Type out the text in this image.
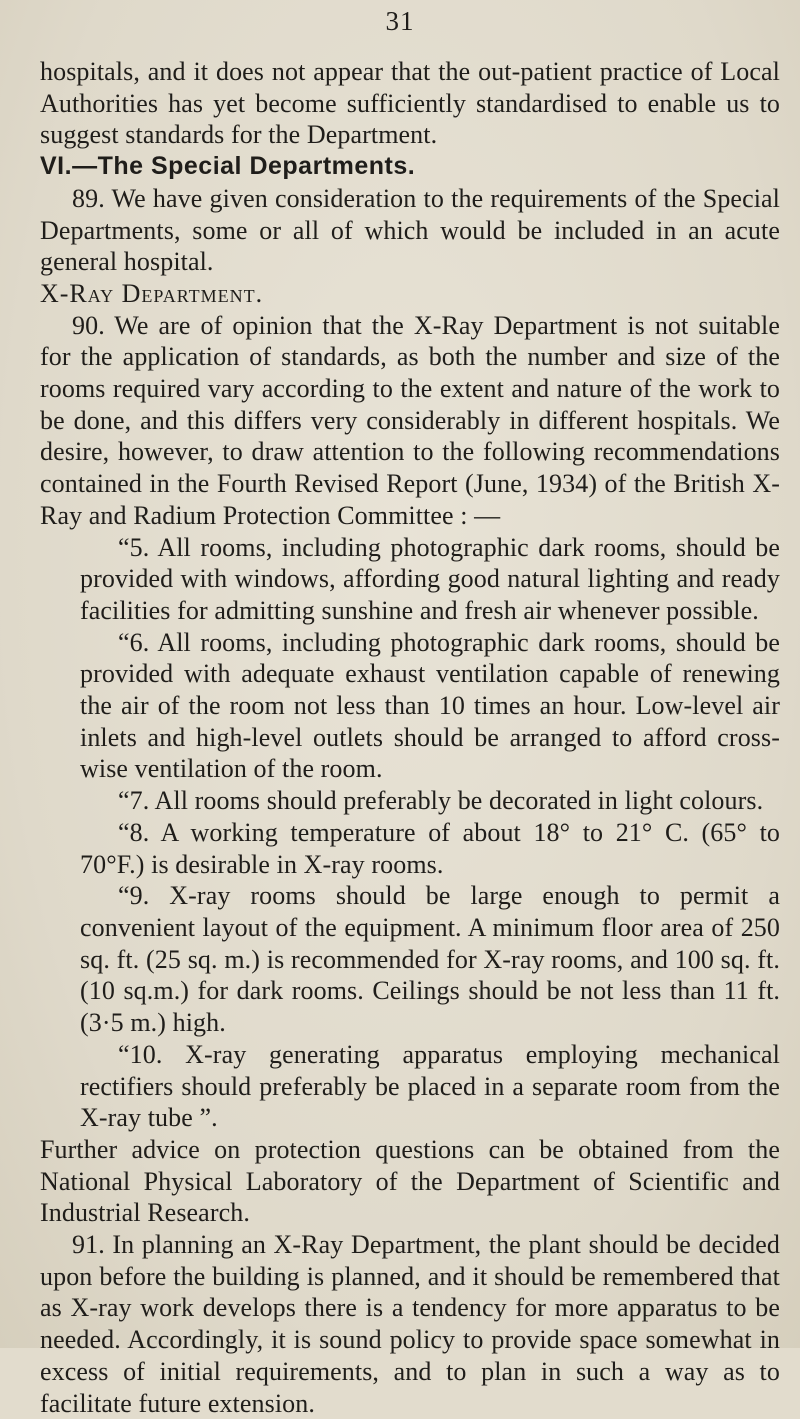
31

hospitals, and it does not appear that the out-patient practice of Local Authorities has yet become sufficiently standardised to enable us to suggest standards for the Department.

VI.—The Special Departments.

89. We have given consideration to the requirements of the Special Departments, some or all of which would be included in an acute general hospital.

X-Ray Department.

90. We are of opinion that the X-Ray Department is not suitable for the application of standards, as both the number and size of the rooms required vary according to the extent and nature of the work to be done, and this differs very considerably in different hospitals. We desire, however, to draw attention to the following recommendations contained in the Fourth Revised Report (June, 1934) of the British X-Ray and Radium Protection Committee : —

“5. All rooms, including photographic dark rooms, should be provided with windows, affording good natural lighting and ready facilities for admitting sunshine and fresh air whenever possible.

“6. All rooms, including photographic dark rooms, should be provided with adequate exhaust ventilation capable of renewing the air of the room not less than 10 times an hour. Low-level air inlets and high-level outlets should be arranged to afford cross-wise ventilation of the room.

“7. All rooms should preferably be decorated in light colours.

“8. A working temperature of about 18° to 21° C. (65° to 70°F.) is desirable in X-ray rooms.

“9. X-ray rooms should be large enough to permit a convenient layout of the equipment. A minimum floor area of 250 sq. ft. (25 sq. m.) is recommended for X-ray rooms, and 100 sq. ft. (10 sq.m.) for dark rooms. Ceilings should be not less than 11 ft. (3·5 m.) high.

“10. X-ray generating apparatus employing mechanical rectifiers should preferably be placed in a separate room from the X-ray tube ”.

Further advice on protection questions can be obtained from the National Physical Laboratory of the Department of Scientific and Industrial Research.

91. In planning an X-Ray Department, the plant should be decided upon before the building is planned, and it should be remembered that as X-ray work develops there is a tendency for more apparatus to be needed. Accordingly, it is sound policy to provide space somewhat in excess of initial requirements, and to plan in such a way as to facilitate future extension.
